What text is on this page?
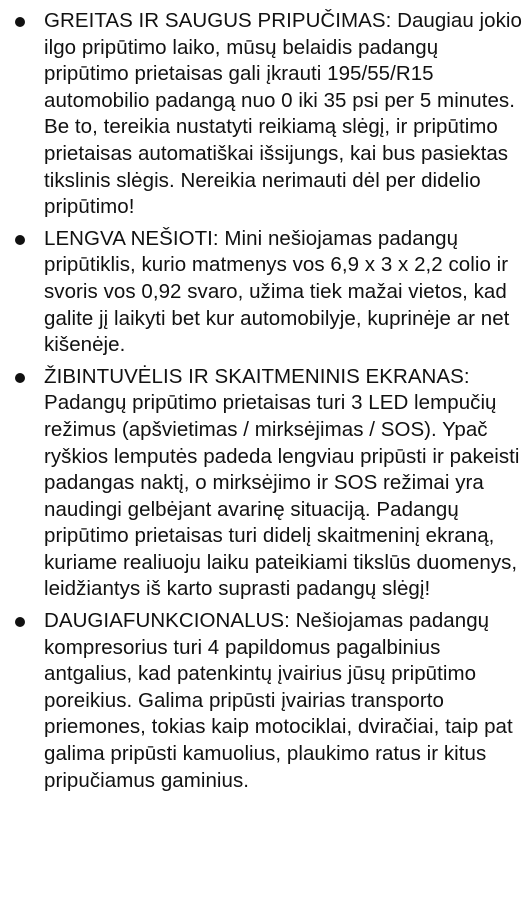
GREITAS IR SAUGUS PRIPUČIMAS: Daugiau jokio ilgo pripūtimo laiko, mūsų belaidis padangų pripūtimo prietaisas gali įkrauti 195/55/R15 automobilio padangą nuo 0 iki 35 psi per 5 minutes. Be to, tereikia nustatyti reikiamą slėgį, ir pripūtimo prietaisas automatiškai išsijungs, kai bus pasiektas tikslinis slėgis. Nereikia nerimauti dėl per didelio pripūtimo!
LENGVA NEŠIOTI: Mini nešiojamas padangų pripūtiklis, kurio matmenys vos 6,9 x 3 x 2,2 colio ir svoris vos 0,92 svaro, užima tiek mažai vietos, kad galite jį laikyti bet kur automobilyje, kuprinėje ar net kišenėje.
ŽIBINTUVĖLIS IR SKAITMENINIS EKRANAS: Padangų pripūtimo prietaisas turi 3 LED lempučių režimus (apšvietimas / mirksėjimas / SOS). Ypač ryškios lemputės padeda lengviau pripūsti ir pakeisti padangas naktį, o mirksėjimo ir SOS režimai yra naudingi gelbėjant avarinę situaciją. Padangų pripūtimo prietaisas turi didelį skaitmeninį ekraną, kuriame realiuoju laiku pateikiami tikslūs duomenys, leidžiantys iš karto suprasti padangų slėgį!
DAUGIAFUNKCIONALUS: Nešiojamas padangų kompresorius turi 4 papildomus pagalbinius antgalius, kad patenkintų įvairius jūsų pripūtimo poreikius. Galima pripūsti įvairias transporto priemones, tokias kaip motociklai, dviračiai, taip pat galima pripūsti kamuolius, plaukimo ratus ir kitus pripučiamus gaminius.
